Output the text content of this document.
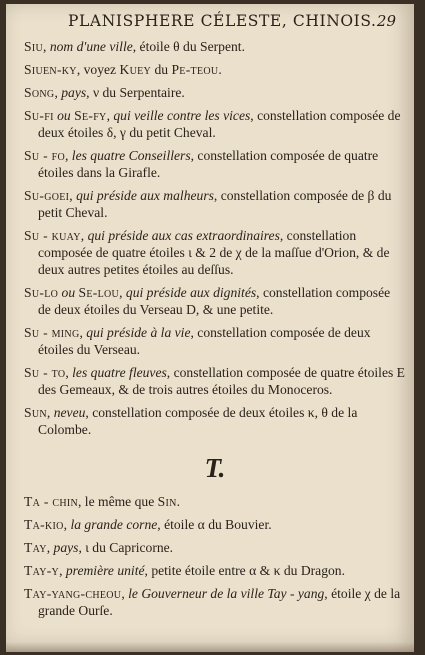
PLANISPHERE CÉLESTE, CHINOIS. 29

Siu, nom d'une ville, étoile θ du Serpent.

Siuen-ky, voyez Kuey du Pe-teou.

Song, pays, ν du Serpentaire.

Su-fi ou Se-fy, qui veille contre les vices, constellation composée de deux étoiles δ, γ du petit Cheval.

Su - fo, les quatre Conseillers, constellation composée de quatre étoiles dans la Girafle.

Su-goei, qui préside aux malheurs, constellation composée de β du petit Cheval.

Su - kuay, qui préside aux cas extraordinaires, constellation composée de quatre étoiles ι & 2 de χ de la maſſue d'Orion, & de deux autres petites étoiles au deſſus.

Su-lo ou Se-lou, qui préside aux dignités, constellation composée de deux étoiles du Verseau D, & une petite.

Su - ming, qui préside à la vie, constellation composée de deux étoiles du Verseau.

Su - to, les quatre fleuves, constellation composée de quatre étoiles E des Gemeaux, & de trois autres étoiles du Monoceros.

Sun, neveu, constellation composée de deux étoiles κ, θ de la Colombe.

T.

Ta - chin, le même que Sin.

Ta-kio, la grande corne, étoile α du Bouvier.

Tay, pays, ι du Capricorne.

Tay-y, première unité, petite étoile entre α & κ du Dragon.

Tay-yang-cheou, le Gouverneur de la ville Tay - yang, étoile χ de la grande Ourſe.
